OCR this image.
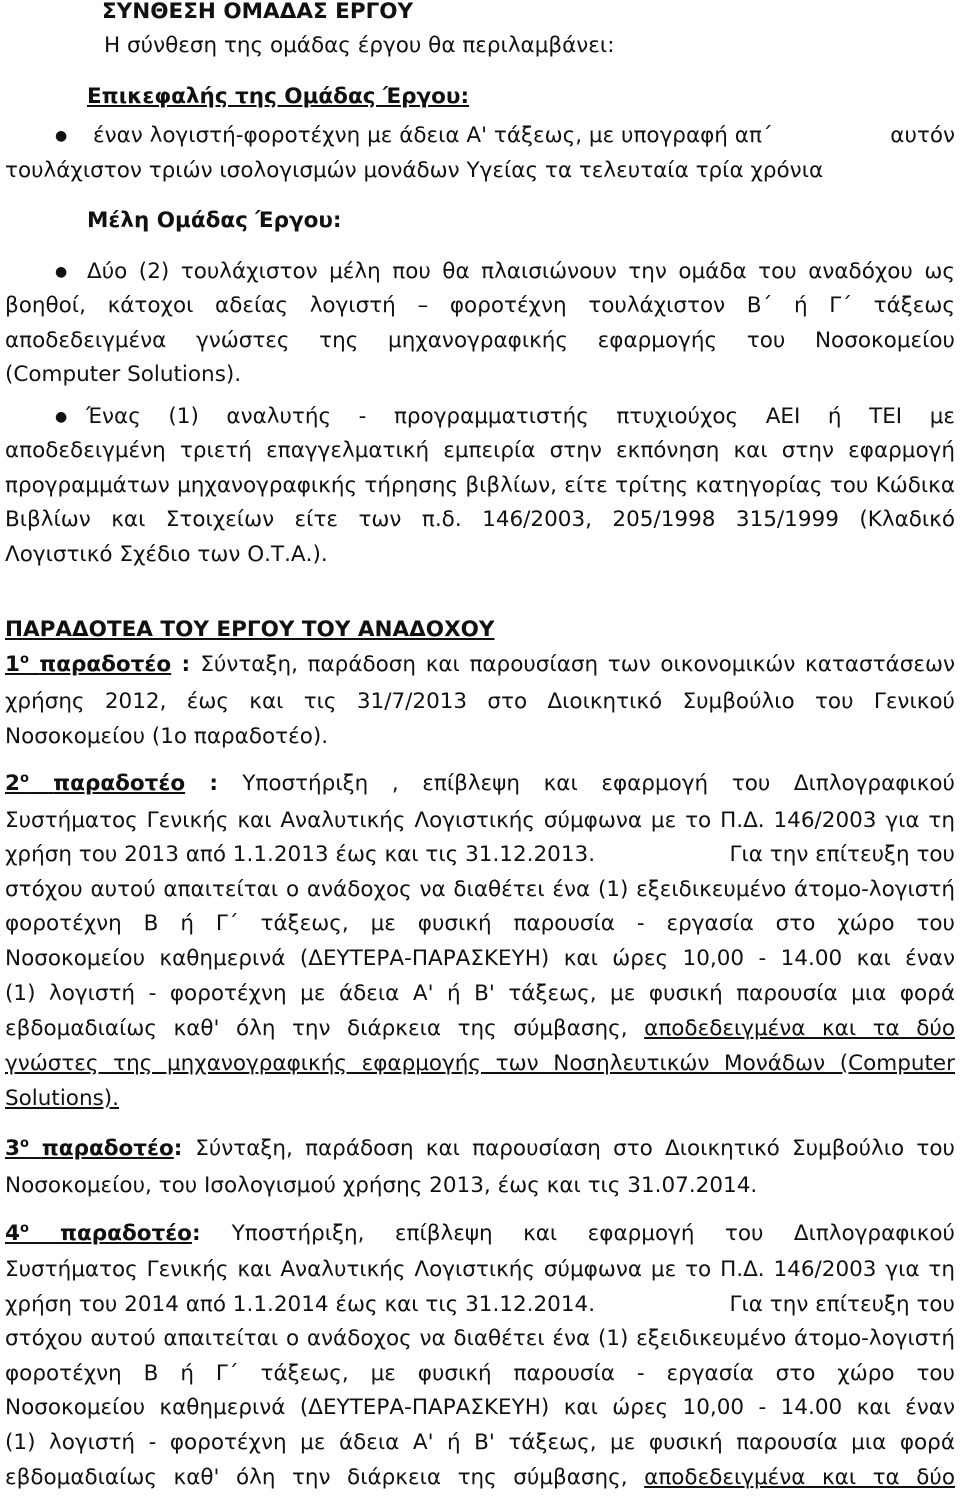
ΣΥΝΘΕΣΗ ΟΜΑΔΑΣ ΕΡΓΟΥ
Η σύνθεση της ομάδας έργου θα περιλαμβάνει:
Επικεφαλής της Ομάδας Έργου:
● έναν λογιστή-φοροτέχνη με άδεια Α' τάξεως, με υπογραφή απ΄	αυτόν
τουλάχιστον τριών ισολογισμών μονάδων Υγείας τα τελευταία τρία χρόνια
Μέλη Ομάδας Έργου:
● Δύο (2) τουλάχιστον μέλη που θα πλαισιώνουν την ομάδα του αναδόχου ως
βοηθοί, κάτοχοι αδείας λογιστή – φοροτέχνη τουλάχιστον Β΄ ή Γ΄ τάξεως
αποδεδειγμένα γνώστες της μηχανογραφικής εφαρμογής του Νοσοκομείου
(Computer Solutions).
● Ένας (1) αναλυτής - προγραμματιστής πτυχιούχος ΑΕΙ ή ΤΕΙ με
αποδεδειγμένη τριετή επαγγελματική εμπειρία στην εκπόνηση και στην εφαρμογή
προγραμμάτων μηχανογραφικής τήρησης βιβλίων, είτε τρίτης κατηγορίας του Κώδικα
Βιβλίων και Στοιχείων είτε των π.δ. 146/2003, 205/1998 315/1999 (Κλαδικό
Λογιστικό Σχέδιο των Ο.Τ.Α.).
ΠΑΡΑΔΟΤΕΑ ΤΟΥ ΕΡΓΟΥ ΤΟΥ ΑΝΑΔΟΧΟΥ
$1^o$ παραδοτέο : Σύνταξη, παράδοση και παρουσίαση των οικονομικών καταστάσεων
χρήσης 2012, έως και τις 31/7/2013 στο Διοικητικό Συμβούλιο του Γενικού
Νοσοκομείου (1ο παραδοτέο).
$2^o$ παραδοτέο : Υποστήριξη , επίβλεψη και εφαρμογή του Διπλογραφικού
Συστήματος Γενικής και Αναλυτικής Λογιστικής σύμφωνα με το Π.Δ. 146/2003 για τη
χρήση του 2013 από 1.1.2013 έως και τις 31.12.2013.	Για την επίτευξη του
στόχου αυτού απαιτείται ο ανάδοχος να διαθέτει ένα (1) εξειδικευμένο άτομο-λογιστή
φοροτέχνη Β ή Γ΄ τάξεως, με φυσική παρουσία - εργασία στο χώρο του
Νοσοκομείου καθημερινά (ΔΕΥΤΕΡΑ-ΠΑΡΑΣΚΕΥΗ) και ώρες 10,00 - 14.00 και έναν
(1) λογιστή - φοροτέχνη με άδεια Α' ή Β' τάξεως, με φυσική παρουσία μια φορά
εβδομαδιαίως καθ' όλη την διάρκεια της σύμβασης, αποδεδειγμένα και τα δύο
γνώστες της μηχανογραφικής εφαρμογής των Νοσηλευτικών Μονάδων (Computer
Solutions).
$3^o$ παραδοτέο: Σύνταξη, παράδοση και παρουσίαση στο Διοικητικό Συμβούλιο του
Νοσοκομείου, του Ισολογισμού χρήσης 2013, έως και τις 31.07.2014.
$4^o$ παραδοτέο: Υποστήριξη, επίβλεψη και εφαρμογή του Διπλογραφικού
Συστήματος Γενικής και Αναλυτικής Λογιστικής σύμφωνα με το Π.Δ. 146/2003 για τη
χρήση του 2014 από 1.1.2014 έως και τις 31.12.2014.	Για την επίτευξη του
στόχου αυτού απαιτείται ο ανάδοχος να διαθέτει ένα (1) εξειδικευμένο άτομο-λογιστή
φοροτέχνη Β ή Γ΄ τάξεως, με φυσική παρουσία - εργασία στο χώρο του
Νοσοκομείου καθημερινά (ΔΕΥΤΕΡΑ-ΠΑΡΑΣΚΕΥΗ) και ώρες 10,00 - 14.00 και έναν
(1) λογιστή - φοροτέχνη με άδεια Α' ή Β' τάξεως, με φυσική παρουσία μια φορά
εβδομαδιαίως καθ' όλη την διάρκεια της σύμβασης, αποδεδειγμένα και τα δύο
